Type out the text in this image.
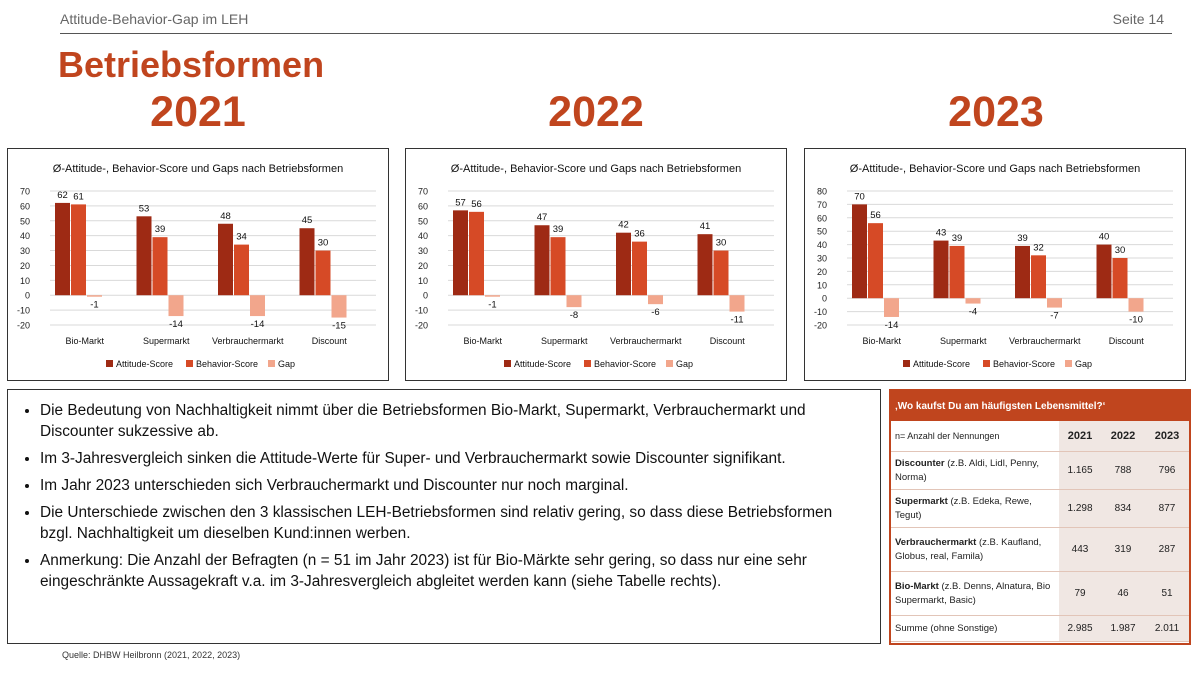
Attitude-Behavior-Gap im LEH	Seite 14
Betriebsformen
2021	2022	2023
Ø-Attitude-, Behavior-Score und Gaps nach Betriebsformen
70
60
50
40
30
20
10
0
-10
-20
62 61
-1
Bio-Markt
53
39
-14
Supermarkt
48
34
-14
Verbrauchermarkt
45
30
-15
Discount
Attitude-Score	Behavior-Score Gap
Ø-Attitude-, Behavior-Score und Gaps nach Betriebsformen
70
60
50
40
30
20
10
0
-10
-20
57 56
-1
Bio-Markt
47
39
-8
Supermarkt
42
36
-6
Verbrauchermarkt
41
30
-11
Discount
Attitude-Score	Behavior-Score Gap
Ø-Attitude-, Behavior-Score und Gaps nach Betriebsformen
80
70
60
50
40
30
20
10
0
-10
-20
70
56
-14
Bio-Markt
43 39
-4
Supermarkt
39
32
-7
Verbrauchermarkt
40
30
-10
Discount
Attitude-Score	Behavior-Score Gap
• Die Bedeutung von Nachhaltigkeit nimmt über die Betriebsformen Bio-Markt, Supermarkt, Verbrauchermarkt und Discounter sukzessive ab.
• Im 3-Jahresvergleich sinken die Attitude-Werte für Super- und Verbrauchermarkt sowie Discounter signifikant.
• Im Jahr 2023 unterschieden sich Verbrauchermarkt und Discounter nur noch marginal.
• Die Unterschiede zwischen den 3 klassischen LEH-Betriebsformen sind relativ gering, so dass diese Betriebsformen bzgl. Nachhaltigkeit um dieselben Kund:innen werben.
• Anmerkung: Die Anzahl der Befragten (n = 51 im Jahr 2023) ist für Bio-Märkte sehr gering, so dass nur eine sehr eingeschränkte Aussagekraft v.a. im 3-Jahresvergleich abgleitet werden kann (siehe Tabelle rechts).
Quelle: DHBW Heilbronn (2021, 2022, 2023)
‚Wo kaufst Du am häufigsten Lebensmittel?‘			
n= Anzahl der Nennungen	2021	2022	2023
Discounter (z.B. Aldi, Lidl, Penny, Norma)	1.165	788	796
Supermarkt (z.B. Edeka, Rewe, Tegut)	1.298	834	877
Verbrauchermarkt (z.B. Kaufland, Globus, real, Famila)	443	319	287
Bio-Markt (z.B. Denns, Alnatura, Bio Supermarkt, Basic)	79	46	51
Summe (ohne Sonstige)	2.985	1.987	2.011
